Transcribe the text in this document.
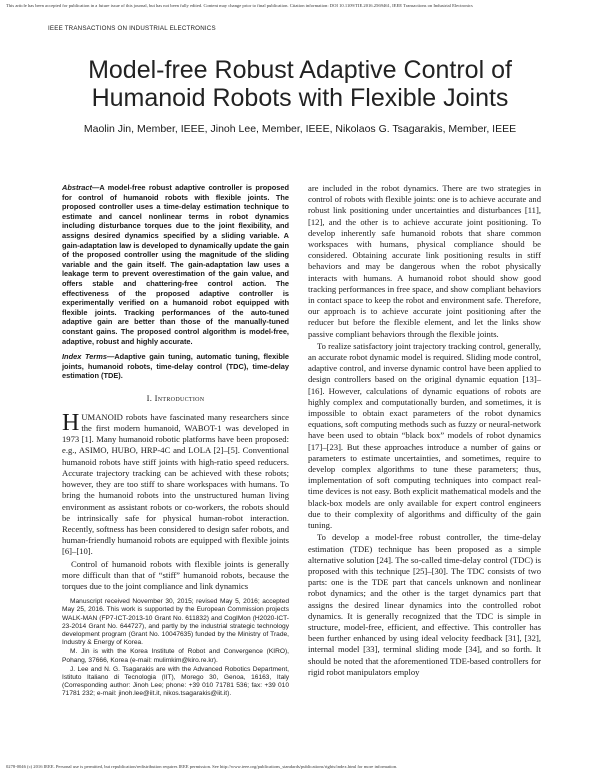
This article has been accepted for publication in a future issue of this journal, but has not been fully edited. Content may change prior to final publication. Citation information: DOI 10.1109/TIE.2016.2569461, IEEE Transactions on Industrial Electronics
IEEE TRANSACTIONS ON INDUSTRIAL ELECTRONICS
Model-free Robust Adaptive Control of Humanoid Robots with Flexible Joints
Maolin Jin, Member, IEEE, Jinoh Lee, Member, IEEE, Nikolaos G. Tsagarakis, Member, IEEE

Abstract—A model-free robust adaptive controller is proposed for control of humanoid robots with flexible joints. The proposed controller uses a time-delay estimation technique to estimate and cancel nonlinear terms in robot dynamics including disturbance torques due to the joint flexibility, and assigns desired dynamics specified by a sliding variable. A gain-adaptation law is developed to dynamically update the gain of the proposed controller using the magnitude of the sliding variable and the gain itself. The gain-adaptation law uses a leakage term to prevent overestimation of the gain value, and offers stable and chattering-free control action. The effectiveness of the proposed adaptive controller is experimentally verified on a humanoid robot equipped with flexible joints. Tracking performances of the auto-tuned adaptive gain are better than those of the manually-tuned constant gains. The proposed control algorithm is model-free, adaptive, robust and highly accurate.

Index Terms—Adaptive gain tuning, automatic tuning, flexible joints, humanoid robots, time-delay control (TDC), time-delay estimation (TDE).

I. Introduction

HUMANOID robots have fascinated many researchers since the first modern humanoid, WABOT-1 was developed in 1973 [1]. Many humanoid robotic platforms have been proposed: e.g., ASIMO, HUBO, HRP-4C and LOLA [2]–[5]. Conventional humanoid robots have stiff joints with high-ratio speed reducers. Accurate trajectory tracking can be achieved with these robots; however, they are too stiff to share workspaces with humans. To bring the humanoid robots into the unstructured human living environment as assistant robots or co-workers, the robots should be intrinsically safe for physical human-robot interaction. Recently, softness has been considered to design safer robots, and human-friendly humanoid robots are equipped with flexible joints [6]–[10].

Control of humanoid robots with flexible joints is generally more difficult than that of “stiff” humanoid robots, because the torques due to the joint compliance and link dynamics

Manuscript received November 30, 2015; revised May 5, 2016; accepted May 25, 2016. This work is supported by the European Commission projects WALK-MAN (FP7-ICT-2013-10 Grant No. 611832) and CogIMon (H2020-ICT-23-2014 Grant No. 644727), and partly by the industrial strategic technology development program (Grant No. 10047635) funded by the Ministry of Trade, Industry & Energy of Korea.

M. Jin is with the Korea Institute of Robot and Convergence (KIRO), Pohang, 37666, Korea (e-mail: mulimkim@kiro.re.kr).

J. Lee and N. G. Tsagarakis are with the Advanced Robotics Department, Istituto Italiano di Tecnologia (IIT), Morego 30, Genoa, 16163, Italy (Corresponding author: Jinoh Lee; phone: +39 010 71781 536; fax: +39 010 71781 232; e-mail: jinoh.lee@iit.it, nikos.tsagarakis@iit.it).

are included in the robot dynamics. There are two strategies in control of robots with flexible joints: one is to achieve accurate and robust link positioning under uncertainties and disturbances [11], [12], and the other is to achieve accurate joint positioning. To develop inherently safe humanoid robots that share common workspaces with humans, physical compliance should be considered. Obtaining accurate link positioning results in stiff behaviors and may be dangerous when the robot physically interacts with humans. A humanoid robot should show good tracking performances in free space, and show compliant behaviors in contact space to keep the robot and environment safe. Therefore, our approach is to achieve accurate joint positioning after the reducer but before the flexible element, and let the links show passive compliant behaviors through the flexible joints.

To realize satisfactory joint trajectory tracking control, generally, an accurate robot dynamic model is required. Sliding mode control, adaptive control, and inverse dynamic control have been applied to design controllers based on the original dynamic equation [13]–[16]. However, calculations of dynamic equations of robots are highly complex and computationally burden, and sometimes, it is impossible to obtain exact parameters of the robot dynamics equations, soft computing methods such as fuzzy or neural-network have been used to obtain “black box” models of robot dynamics [17]–[23]. But these approaches introduce a number of gains or parameters to estimate uncertainties, and sometimes, require to develop complex algorithms to tune these parameters; thus, implementation of soft computing techniques into compact real-time devices is not easy. Both explicit mathematical models and the black-box models are only available for expert control engineers due to their complexity of algorithms and difficulty of the gain tuning.

To develop a model-free robust controller, the time-delay estimation (TDE) technique has been proposed as a simple alternative solution [24]. The so-called time-delay control (TDC) is proposed with this technique [25]–[30]. The TDC consists of two parts: one is the TDE part that cancels unknown and nonlinear robot dynamics; and the other is the target dynamics part that assigns the desired linear dynamics into the controlled robot dynamics. It is generally recognized that the TDC is simple in structure, model-free, efficient, and effective. This controller has been further enhanced by using ideal velocity feedback [31], [32], internal model [33], terminal sliding mode [34], and so forth. It should be noted that the aforementioned TDE-based controllers for rigid robot manipulators employ

0278-0046 (c) 2016 IEEE. Personal use is permitted, but republication/redistribution requires IEEE permission. See http://www.ieee.org/publications_standards/publications/rights/index.html for more information.
